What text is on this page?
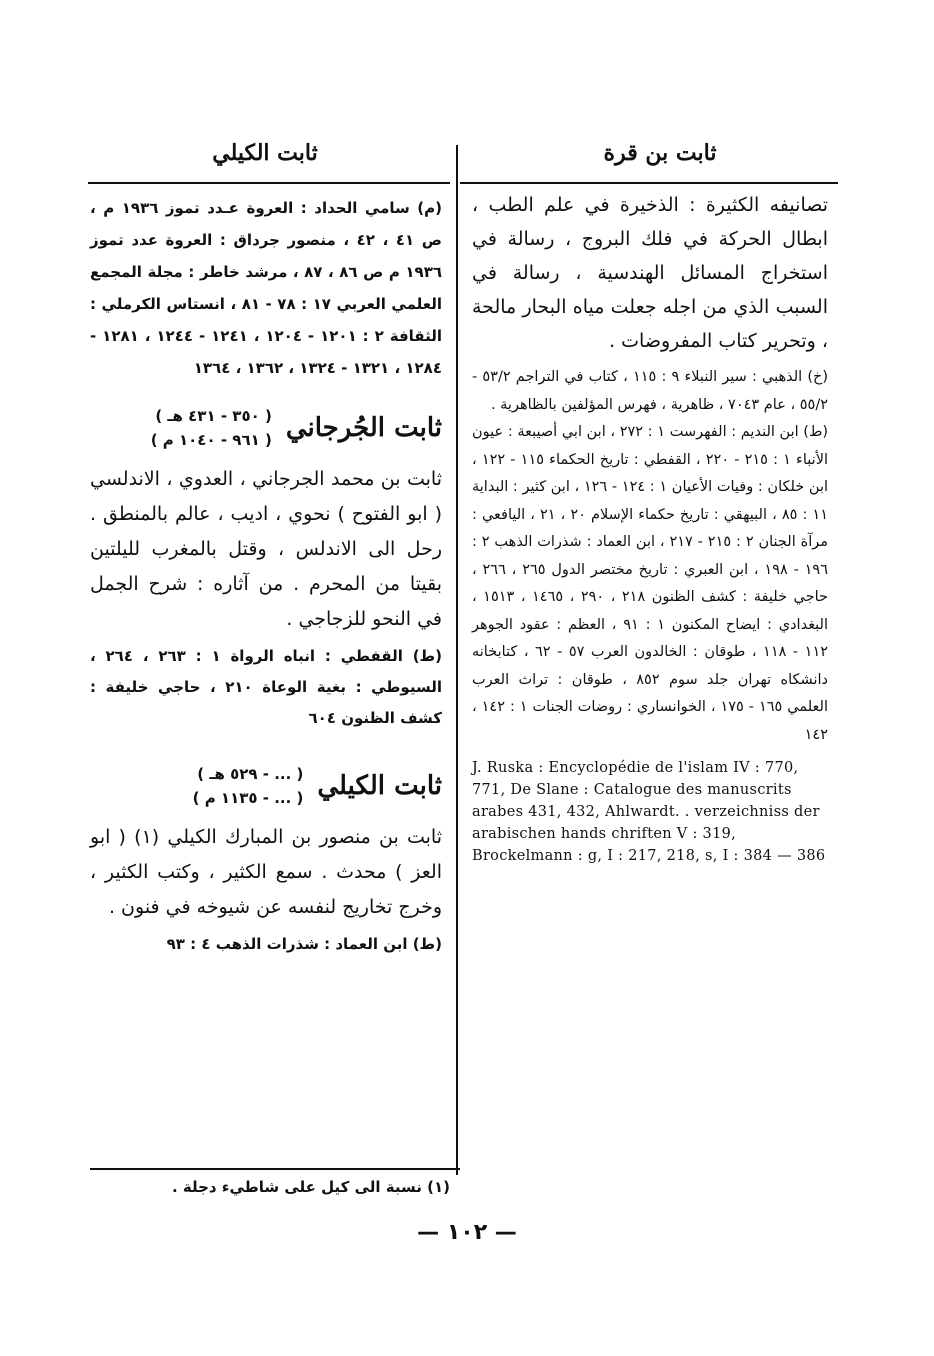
ثابت بن قرة
ثابت الكيلي

تصانيفه الكثيرة : الذخيرة في علم الطب ، ابطال الحركة في فلك البروج ، رسالة في استخراج المسائل الهندسية ، رسالة في السبب الذي من اجله جعلت مياه البحار مالحة ، وتحرير كتاب المفروضات .

(خ) الذهبي : سير النبلاء ٩ : ١١٥ ، كتاب في التراجم ٥٣/٢ - ٥٥/٢ ، عام ٧٠٤٣ ، ظاهرية ، فهرس المؤلفين بالظاهرية .

(ط) ابن النديم : الفهرست ١ : ٢٧٢ ، ابن ابي أصيبعة : عيون الأنباء ١ : ٢١٥ - ٢٢٠ ، القفطي : تاريخ الحكماء ١١٥ - ١٢٢ ، ابن خلكان : وفيات الأعيان ١ : ١٢٤ - ١٢٦ ، ابن كثير : البداية ١١ : ٨٥ ، البيهقي : تاريخ حكماء الإسلام ٢٠ ، ٢١ ، اليافعي : مرآة الجنان ٢ : ٢١٥ - ٢١٧ ، ابن العماد : شذرات الذهب ٢ : ١٩٦ - ١٩٨ ، ابن العبري : تاريخ مختصر الدول ٢٦٥ ، ٢٦٦ ، حاجي خليفة : كشف الظنون ٢١٨ ، ٢٩٠ ، ١٤٦٥ ، ١٥١٣ ، البغدادي : ايضاح المكنون ١ : ٩١ ، العظم : عقود الجوهر ١١٢ - ١١٨ ، طوقان : الخالدون العرب ٥٧ - ٦٢ ، كتابخانه دانشكاه تهران جلد سوم ٨٥٢ ، طوقان : تراث العرب العلمي ١٦٥ - ١٧٥ ، الخوانساري : روضات الجنات ١ : ١٤٢ ، ١٤٢

J. Ruska : Encyclopédie de l'islam IV : 770, 771, De Slane : Catalogue des manuscrits arabes 431, 432, Ahlwardt. . verzeichniss der arabischen hands chriften V : 319, Brockelmann : g, I : 217, 218, s, I : 384 — 386

(م) سامي الحداد : العروة عـدد تموز ١٩٣٦ م ، ص ٤١ ، ٤٢ ، منصور جرداق : العروة عدد تموز ١٩٣٦ م ص ٨٦ ، ٨٧ ، مرشد خاطر : مجلة المجمع العلمي العربي ١٧ : ٧٨ - ٨١ ، انستاس الكرملي : الثقافة ٢ : ١٢٠١ - ١٢٠٤ ، ١٢٤١ - ١٢٤٤ ، ١٢٨١ - ١٢٨٤ ، ١٣٢١ - ١٣٢٤ ، ١٣٦٢ ، ١٣٦٤

ثابت الجُرجاني
( ٣٥٠ - ٤٣١ هـ )
( ٩٦١ - ١٠٤٠ م )

ثابت بن محمد الجرجاني ، العدوي ، الاندلسي ( ابو الفتوح ) نحوي ، اديب ، عالم بالمنطق . رحل الى الاندلس ، وقتل بالمغرب لليلتين بقيتا من المحرم . من آثاره : شرح الجمل في النحو للزجاجي .

(ط) القفطي : انباه الرواة ١ : ٢٦٣ ، ٢٦٤ ، السيوطي : بغية الوعاة ٢١٠ ، حاجي خليفة : كشف الظنون ٦٠٤

ثابت الكيلي
( ... - ٥٢٩ هـ )
( ... - ١١٣٥ م )

ثابت بن منصور بن المبارك الكيلي (١) ( ابو العز ) محدث . سمع الكثير ، وكتب الكثير ، وخرج تخاريج لنفسه عن شيوخه في فنون .

(ط) ابن العماد : شذرات الذهب ٤ : ٩٣

(١) نسبة الى كيل على شاطيء دجلة .
— ١٠٢ —
